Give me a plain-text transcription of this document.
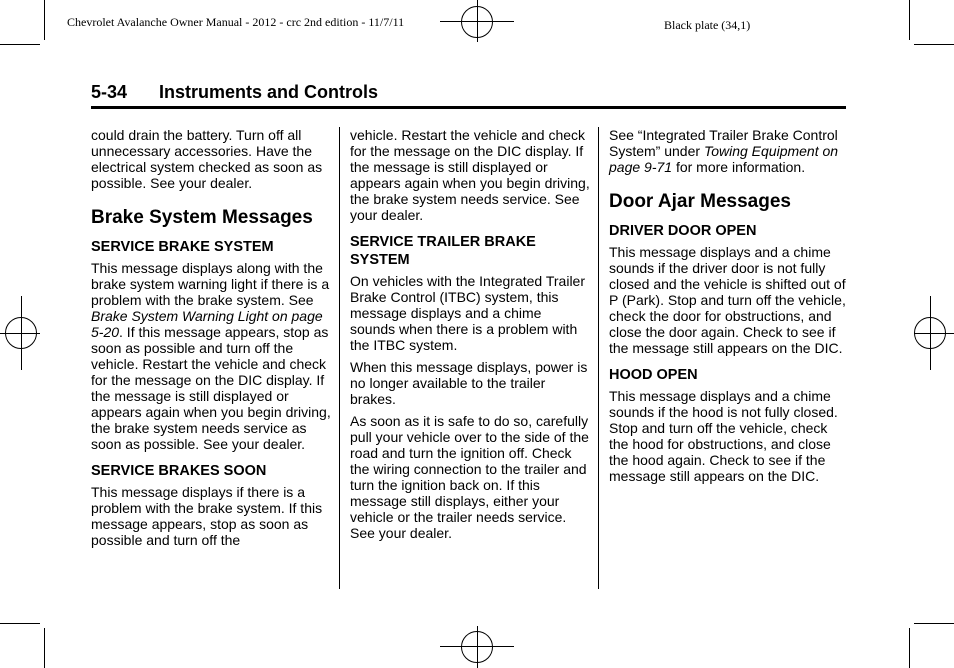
Chevrolet Avalanche Owner Manual - 2012 - crc 2nd edition - 11/7/11	Black plate (34,1)
5-34 Instruments and Controls

could drain the battery. Turn off all unnecessary accessories. Have the electrical system checked as soon as possible. See your dealer.

Brake System Messages
SERVICE BRAKE SYSTEM

This message displays along with the brake system warning light if there is a problem with the brake system. See Brake System Warning Light on page 5-20. If this message appears, stop as soon as possible and turn off the vehicle. Restart the vehicle and check for the message on the DIC display. If the message is still displayed or appears again when you begin driving, the brake system needs service as soon as possible. See your dealer.

SERVICE BRAKES SOON

This message displays if there is a problem with the brake system. If this message appears, stop as soon as possible and turn off the

vehicle. Restart the vehicle and check for the message on the DIC display. If the message is still displayed or appears again when you begin driving, the brake system needs service. See your dealer.

SERVICE TRAILER BRAKE SYSTEM

On vehicles with the Integrated Trailer Brake Control (ITBC) system, this message displays and a chime sounds when there is a problem with the ITBC system.

When this message displays, power is no longer available to the trailer brakes.

As soon as it is safe to do so, carefully pull your vehicle over to the side of the road and turn the ignition off. Check the wiring connection to the trailer and turn the ignition back on. If this message still displays, either your vehicle or the trailer needs service. See your dealer.

See “Integrated Trailer Brake Control System” under Towing Equipment on page 9-71 for more information.

Door Ajar Messages
DRIVER DOOR OPEN

This message displays and a chime sounds if the driver door is not fully closed and the vehicle is shifted out of P (Park). Stop and turn off the vehicle, check the door for obstructions, and close the door again. Check to see if the message still appears on the DIC.

HOOD OPEN

This message displays and a chime sounds if the hood is not fully closed. Stop and turn off the vehicle, check the hood for obstructions, and close the hood again. Check to see if the message still appears on the DIC.
